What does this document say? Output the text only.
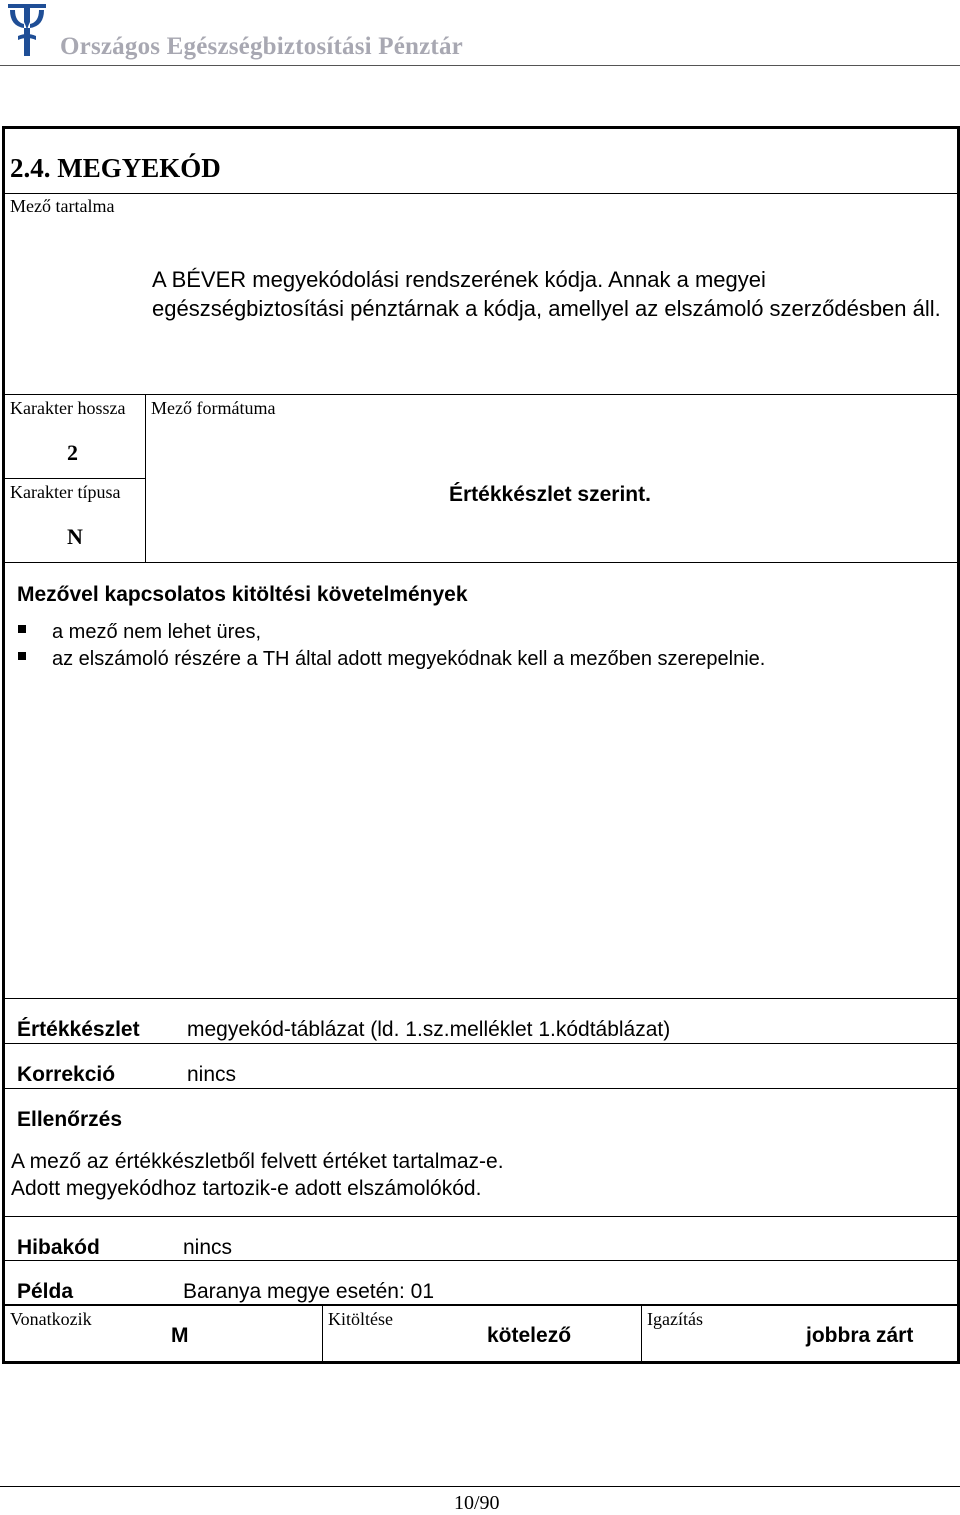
Országos Egészségbiztosítási Pénztár
2.4. MEGYEKÓD
Mező tartalma
A BÉVER megyekódolási rendszerének kódja. Annak a megyei egészségbiztosítási pénztárnak a kódja, amellyel az elszámoló szerződésben áll.
Karakter hossza
2
Karakter típusa
N
Mező formátuma
Értékkészlet szerint.
Mezővel kapcsolatos kitöltési követelmények
a mező nem lehet üres,
az elszámoló részére a TH által adott megyekódnak kell a mezőben szerepelnie.
Értékkészlet megyekód-táblázat (ld. 1.sz.melléklet 1.kódtáblázat)
Korrekció	nincs
Ellenőrzés
A mező az értékkészletből felvett értéket tartalmaz-e.
Adott megyekódhoz tartozik-e adott elszámolókód.
Hibakód	nincs
Példa	Baranya megye esetén: 01
Vonatkozik
M
Kitöltése
kötelező
Igazítás
jobbra zárt
10/90
